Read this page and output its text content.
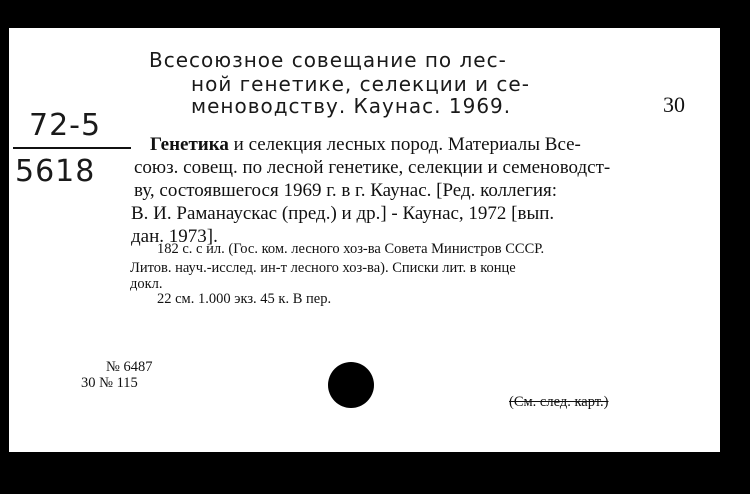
Всесоюзное совещание по лес-
ной генетике, селекции и се-
меноводству. Каунас. 1969.	30
72-5
5618
Генетика и селекция лесных пород. Материалы Все-
союз. совещ. по лесной генетике, селекции и семеноводст-
ву, состоявшегося 1969 г. в г. Каунас. [Ред. коллегия:
В. И. Раманаускас (пред.) и др.] - Каунас, 1972 [вып.
дан. 1973].
182 с. с ил. (Гос. ком. лесного хоз-ва Совета Министров СССР.
Литов. науч.-исслед. ин-т лесного хоз-ва). Списки лит. в конце
докл.
22 см. 1.000 экз. 45 к. В пер.
№ 6487
30 № 115
(См. след. карт.)
